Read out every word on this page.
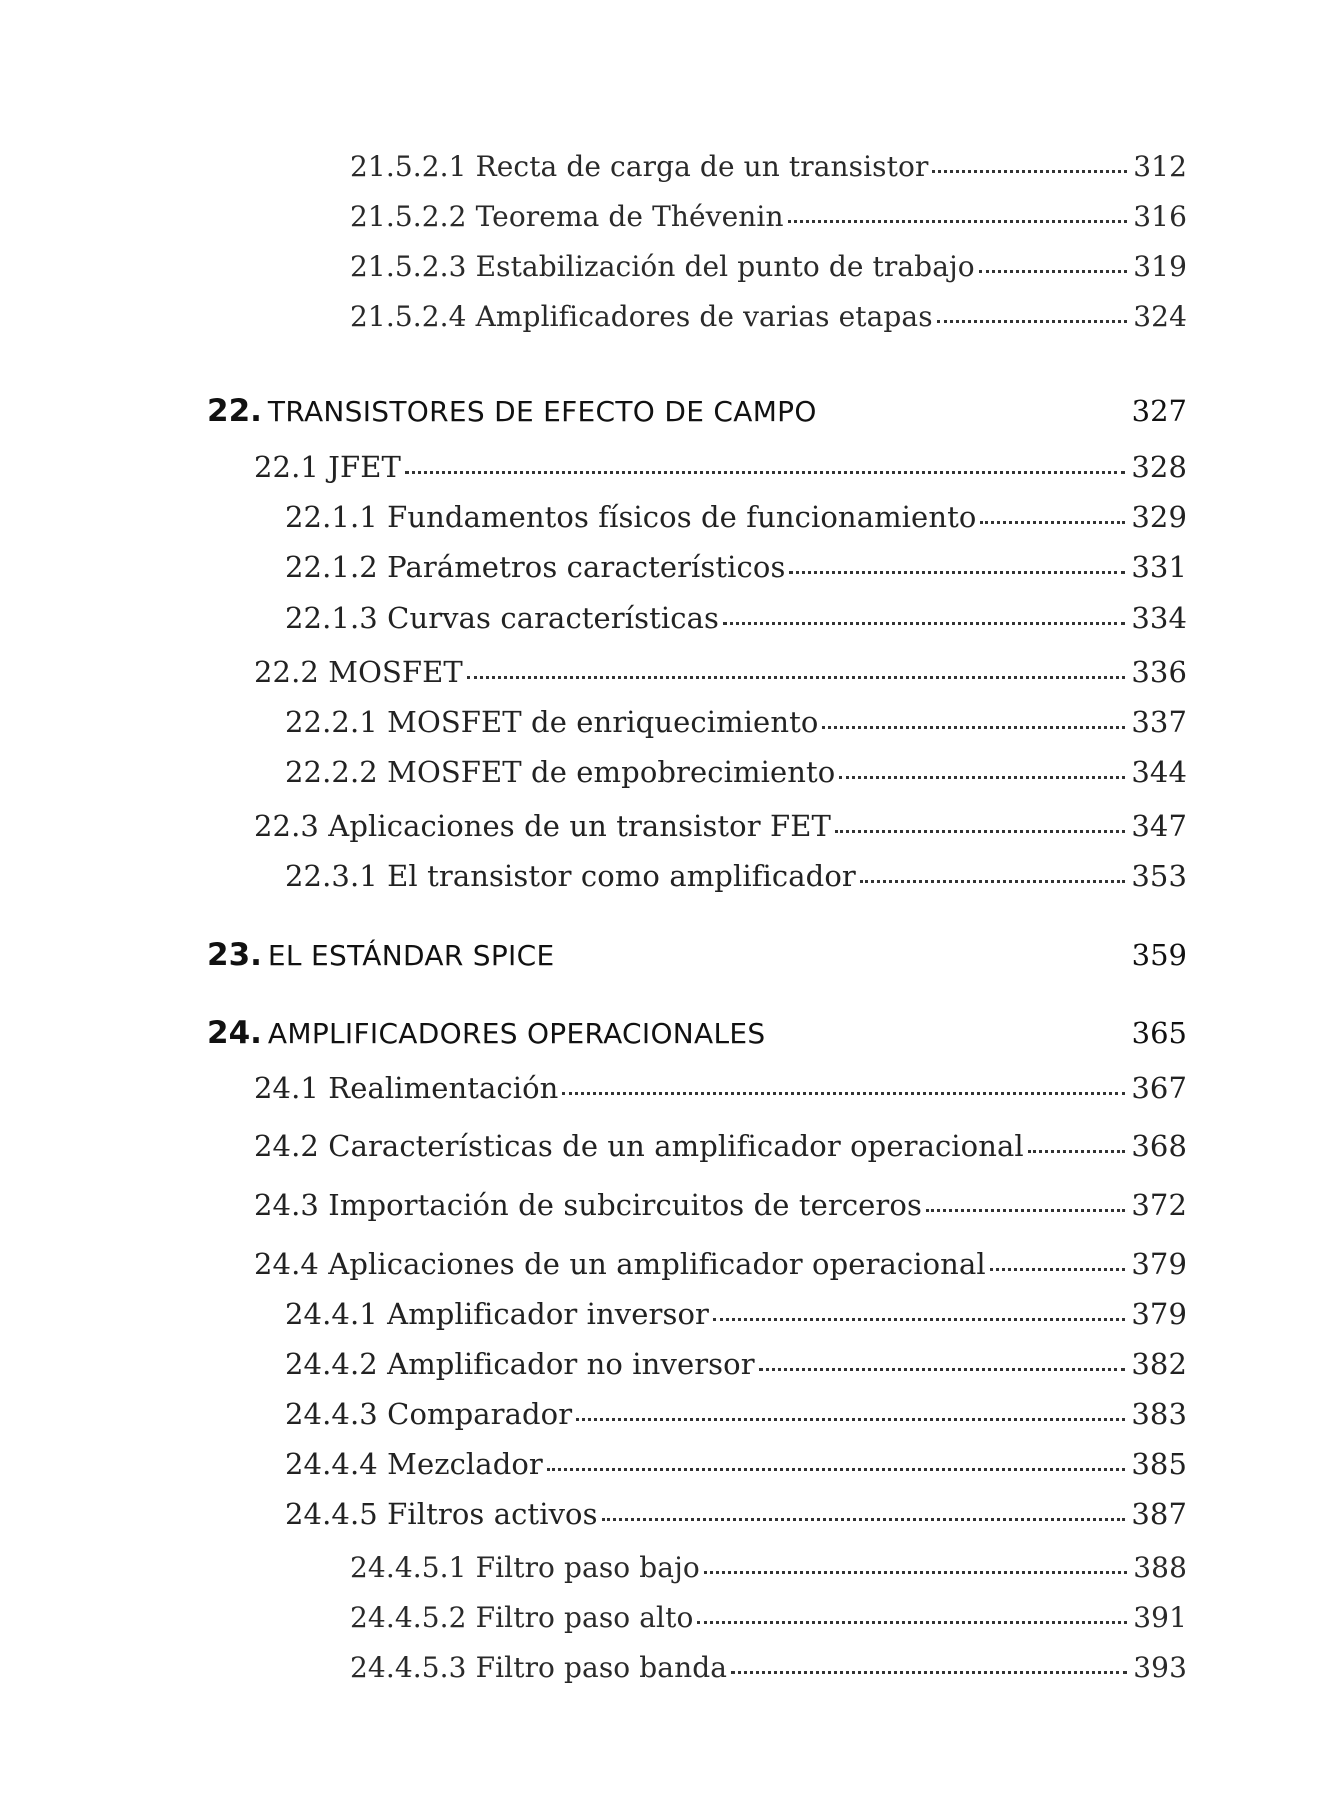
21.5.2.1 Recta de carga de un transistor	312
21.5.2.2 Teorema de Thévenin	316
21.5.2.3 Estabilización del punto de trabajo	319
21.5.2.4 Amplificadores de varias etapas	324
22. TRANSISTORES DE EFECTO DE CAMPO	327
22.1 JFET	328
22.1.1 Fundamentos físicos de funcionamiento	329
22.1.2 Parámetros característicos	331
22.1.3 Curvas características	334
22.2 MOSFET	336
22.2.1 MOSFET de enriquecimiento	337
22.2.2 MOSFET de empobrecimiento	344
22.3 Aplicaciones de un transistor FET	347
22.3.1 El transistor como amplificador	353
23. EL ESTÁNDAR SPICE	359
24. AMPLIFICADORES OPERACIONALES	365
24.1 Realimentación	367
24.2 Características de un amplificador operacional	368
24.3 Importación de subcircuitos de terceros	372
24.4 Aplicaciones de un amplificador operacional	379
24.4.1 Amplificador inversor	379
24.4.2 Amplificador no inversor	382
24.4.3 Comparador	383
24.4.4 Mezclador	385
24.4.5 Filtros activos	387
24.4.5.1 Filtro paso bajo	388
24.4.5.2 Filtro paso alto	391
24.4.5.3 Filtro paso banda	393
